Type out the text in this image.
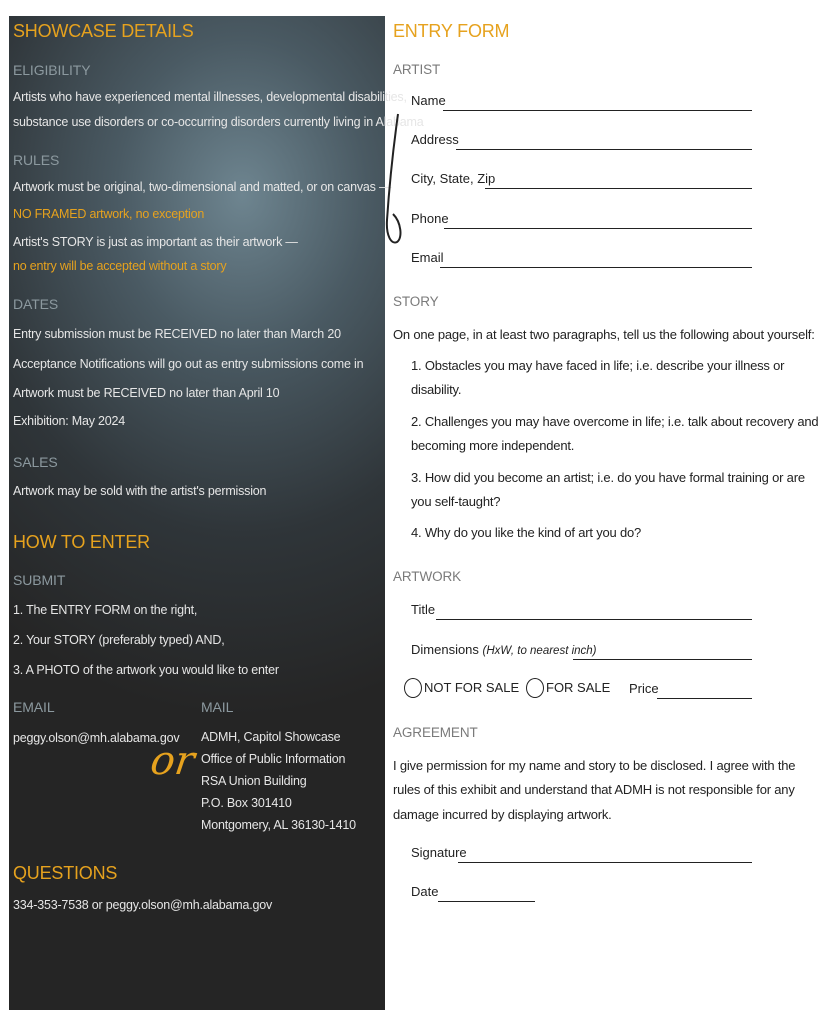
SHOWCASE DETAILS
ELIGIBILITY
Artists who have experienced mental illnesses, developmental disabilities,
substance use disorders or co-occurring disorders currently living in Alabama
RULES
Artwork must be original, two-dimensional and matted, or on canvas —
NO FRAMED artwork, no exception
Artist's STORY is just as important as their artwork —
no entry will be accepted without a story
DATES
Entry submission must be RECEIVED no later than March 20
Acceptance Notifications will go out as entry submissions come in
Artwork must be RECEIVED no later than April 10
Exhibition: May 2024
SALES
Artwork may be sold with the artist's permission
HOW TO ENTER
SUBMIT
1. The ENTRY FORM on the right,
2. Your STORY (preferably typed) AND,
3. A PHOTO of the artwork you would like to enter
EMAIL
peggy.olson@mh.alabama.gov
or
MAIL
ADMH, Capitol Showcase
Office of Public Information
RSA Union Building
P.O. Box 301410
Montgomery, AL 36130-1410
QUESTIONS
334-353-7538 or peggy.olson@mh.alabama.gov
ENTRY FORM
ARTIST
Name
Address
City, State, Zip
Phone
Email
STORY
On one page, in at least two paragraphs, tell us the following about yourself:
1. Obstacles you may have faced in life; i.e. describe your illness or
disability.
2. Challenges you may have overcome in life; i.e. talk about recovery and
becoming more independent.
3. How did you become an artist; i.e. do you have formal training or are
you self-taught?
4. Why do you like the kind of art you do?
ARTWORK
Title
Dimensions (HxW, to nearest inch)
NOT FOR SALE FOR SALE Price
AGREEMENT
I give permission for my name and story to be disclosed. I agree with the
rules of this exhibit and understand that ADMH is not responsible for any
damage incurred by displaying artwork.
Signature
Date
